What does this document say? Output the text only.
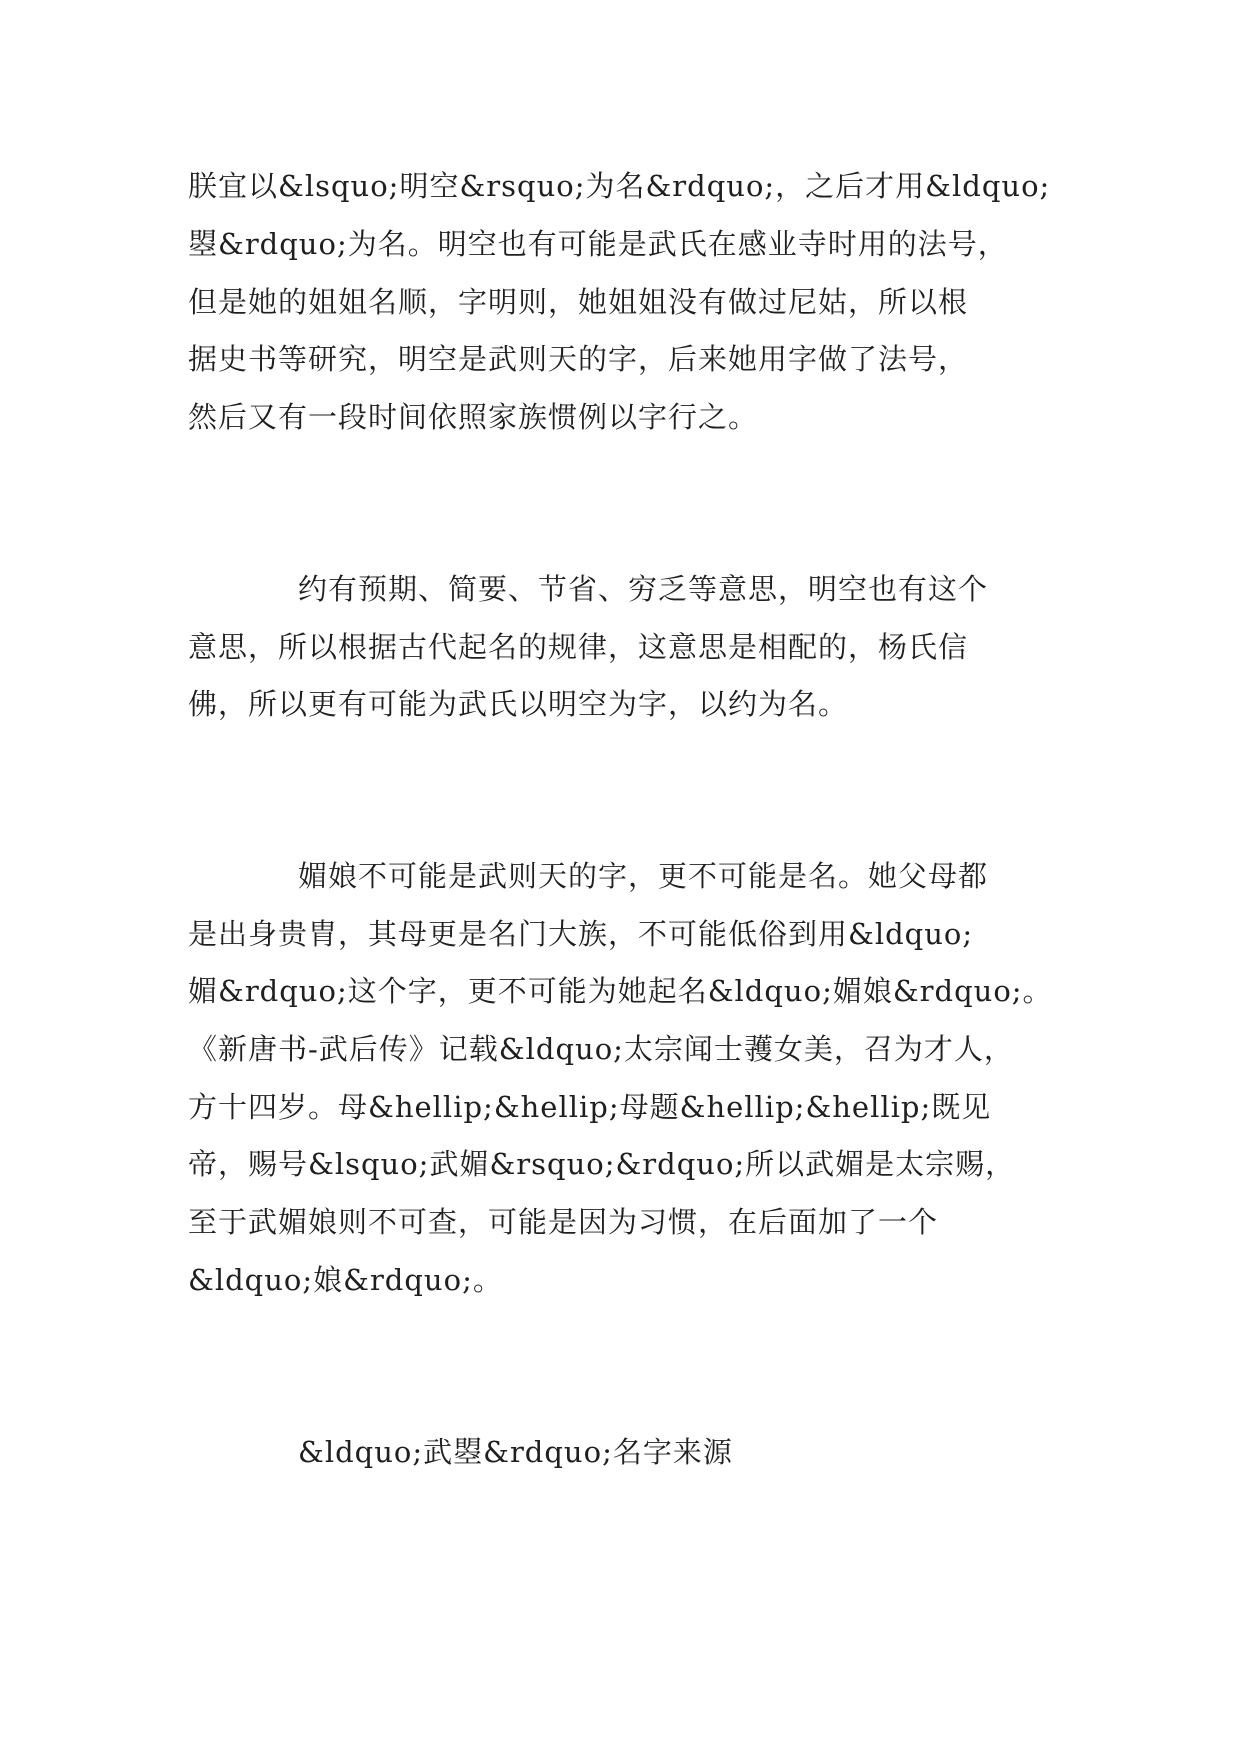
朕宜以&lsquo;明空&rsquo;为名&rdquo;，之后才用&ldquo;

曌&rdquo;为名。明空也有可能是武氏在感业寺时用的法号，

但是她的姐姐名顺，字明则，她姐姐没有做过尼姑，所以根

据史书等研究，明空是武则天的字，后来她用字做了法号，

然后又有一段时间依照家族惯例以字行之。

约有预期、简要、节省、穷乏等意思，明空也有这个

意思，所以根据古代起名的规律，这意思是相配的，杨氏信

佛，所以更有可能为武氏以明空为字，以约为名。

媚娘不可能是武则天的字，更不可能是名。她父母都

是出身贵胄，其母更是名门大族，不可能低俗到用&ldquo;

媚&rdquo;这个字，更不可能为她起名&ldquo;媚娘&rdquo;。

《新唐书-武后传》记载&ldquo;太宗闻士彟女美，召为才人，

方十四岁。母&hellip;&hellip;母题&hellip;&hellip;既见

帝，赐号&lsquo;武媚&rsquo;&rdquo;所以武媚是太宗赐，

至于武媚娘则不可查，可能是因为习惯，在后面加了一个

&ldquo;娘&rdquo;。

&ldquo;武曌&rdquo;名字来源
